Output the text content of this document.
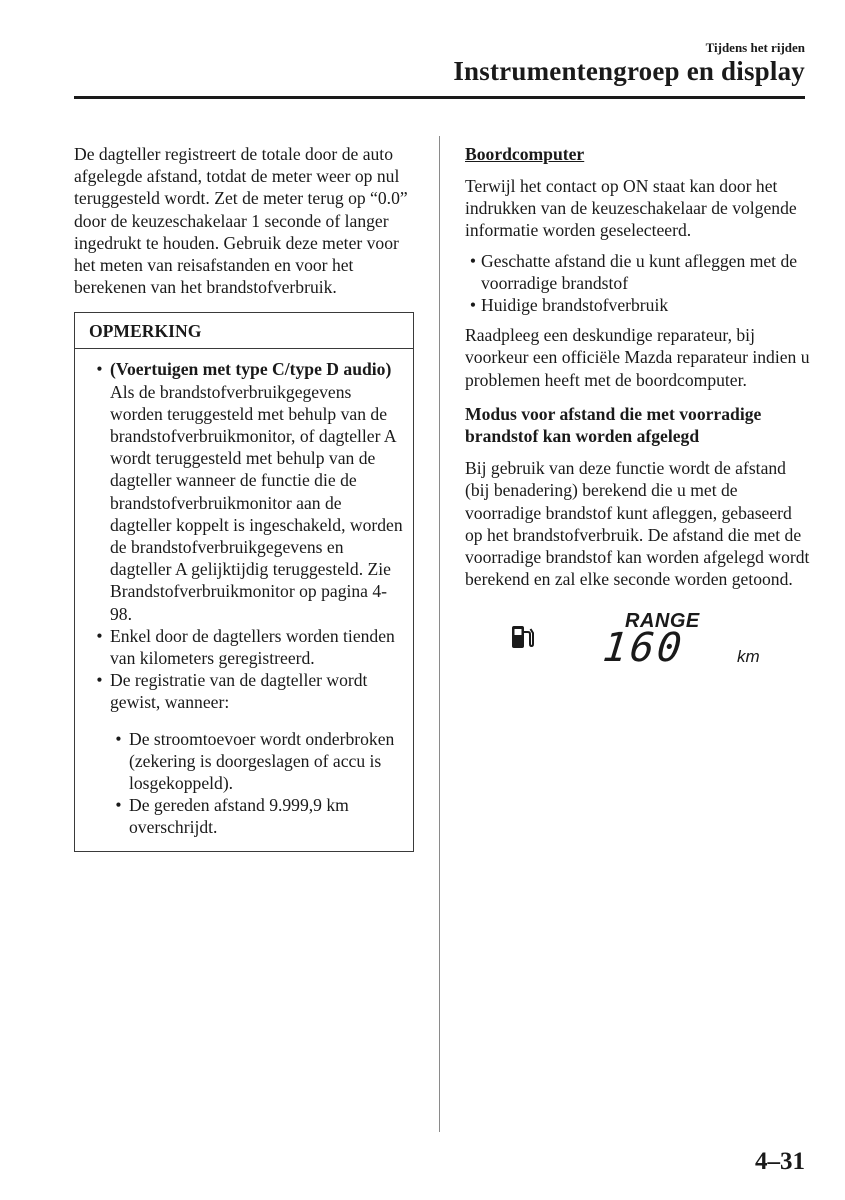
Tijdens het rijden
Instrumentengroep en display

De dagteller registreert de totale door de auto afgelegde afstand, totdat de meter weer op nul teruggesteld wordt. Zet de meter terug op “0.0” door de keuzeschakelaar 1 seconde of langer ingedrukt te houden. Gebruik deze meter voor het meten van reisafstanden en voor het berekenen van het brandstofverbruik.

OPMERKING
• (Voertuigen met type C/type D audio)
Als de brandstofverbruikgegevens worden teruggesteld met behulp van de brandstofverbruikmonitor, of dagteller A wordt teruggesteld met behulp van de dagteller wanneer de functie die de brandstofverbruikmonitor aan de dagteller koppelt is ingeschakeld, worden de brandstofverbruikgegevens en dagteller A gelijktijdig teruggesteld. Zie Brandstofverbruikmonitor op pagina 4-98.
• Enkel door de dagtellers worden tienden van kilometers geregistreerd.
• De registratie van de dagteller wordt gewist, wanneer:
• De stroomtoevoer wordt onderbroken (zekering is doorgeslagen of accu is losgekoppeld).
• De gereden afstand 9.999,9 km overschrijdt.
Boordcomputer

Terwijl het contact op ON staat kan door het indrukken van de keuzeschakelaar de volgende informatie worden geselecteerd.

• Geschatte afstand die u kunt afleggen met de voorradige brandstof
• Huidige brandstofverbruik

Raadpleeg een deskundige reparateur, bij voorkeur een officiële Mazda reparateur indien u problemen heeft met de boordcomputer.

Modus voor afstand die met voorradige brandstof kan worden afgelegd

Bij gebruik van deze functie wordt de afstand (bij benadering) berekend die u met de voorradige brandstof kunt afleggen, gebaseerd op het brandstofverbruik. De afstand die met de voorradige brandstof kan worden afgelegd wordt berekend en zal elke seconde worden getoond.

RANGE
160	km
4–31
